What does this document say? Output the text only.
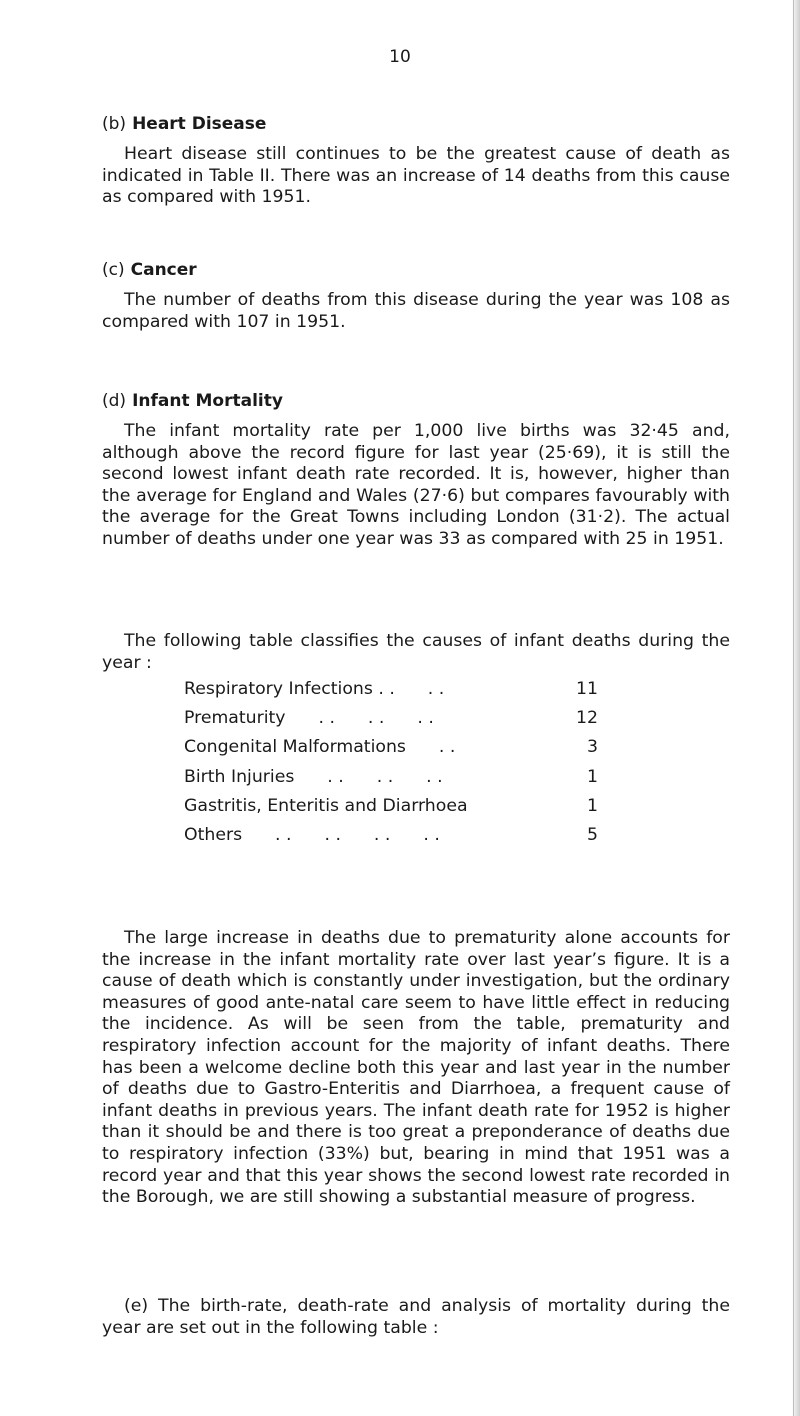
10
(b) Heart Disease

Heart disease still continues to be the greatest cause of death as indicated in Table II. There was an increase of 14 deaths from this cause as compared with 1951.

(c) Cancer

The number of deaths from this disease during the year was 108 as compared with 107 in 1951.

(d) Infant Mortality

The infant mortality rate per 1,000 live births was 32·45 and, although above the record figure for last year (25·69), it is still the second lowest infant death rate recorded. It is, however, higher than the average for England and Wales (27·6) but compares favourably with the average for the Great Towns including London (31·2). The actual number of deaths under one year was 33 as compared with 25 in 1951.

The following table classifies the causes of infant deaths during the year :

Respiratory Infections . .      . .	11
Prematurity      . .      . .      . .	12
Congenital Malformations      . .	3
Birth Injuries      . .      . .      . .	1
Gastritis, Enteritis and Diarrhoea	1
Others      . .      . .      . .      . .	5

The large increase in deaths due to prematurity alone accounts for the increase in the infant mortality rate over last year’s figure. It is a cause of death which is constantly under investigation, but the ordinary measures of good ante-natal care seem to have little effect in reducing the incidence. As will be seen from the table, prematurity and respiratory infection account for the majority of infant deaths. There has been a welcome decline both this year and last year in the number of deaths due to Gastro-Enteritis and Diarrhoea, a frequent cause of infant deaths in previous years. The infant death rate for 1952 is higher than it should be and there is too great a preponderance of deaths due to respiratory infection (33%) but, bearing in mind that 1951 was a record year and that this year shows the second lowest rate recorded in the Borough, we are still showing a substantial measure of progress.

(e) The birth-rate, death-rate and analysis of mortality during the year are set out in the following table :
